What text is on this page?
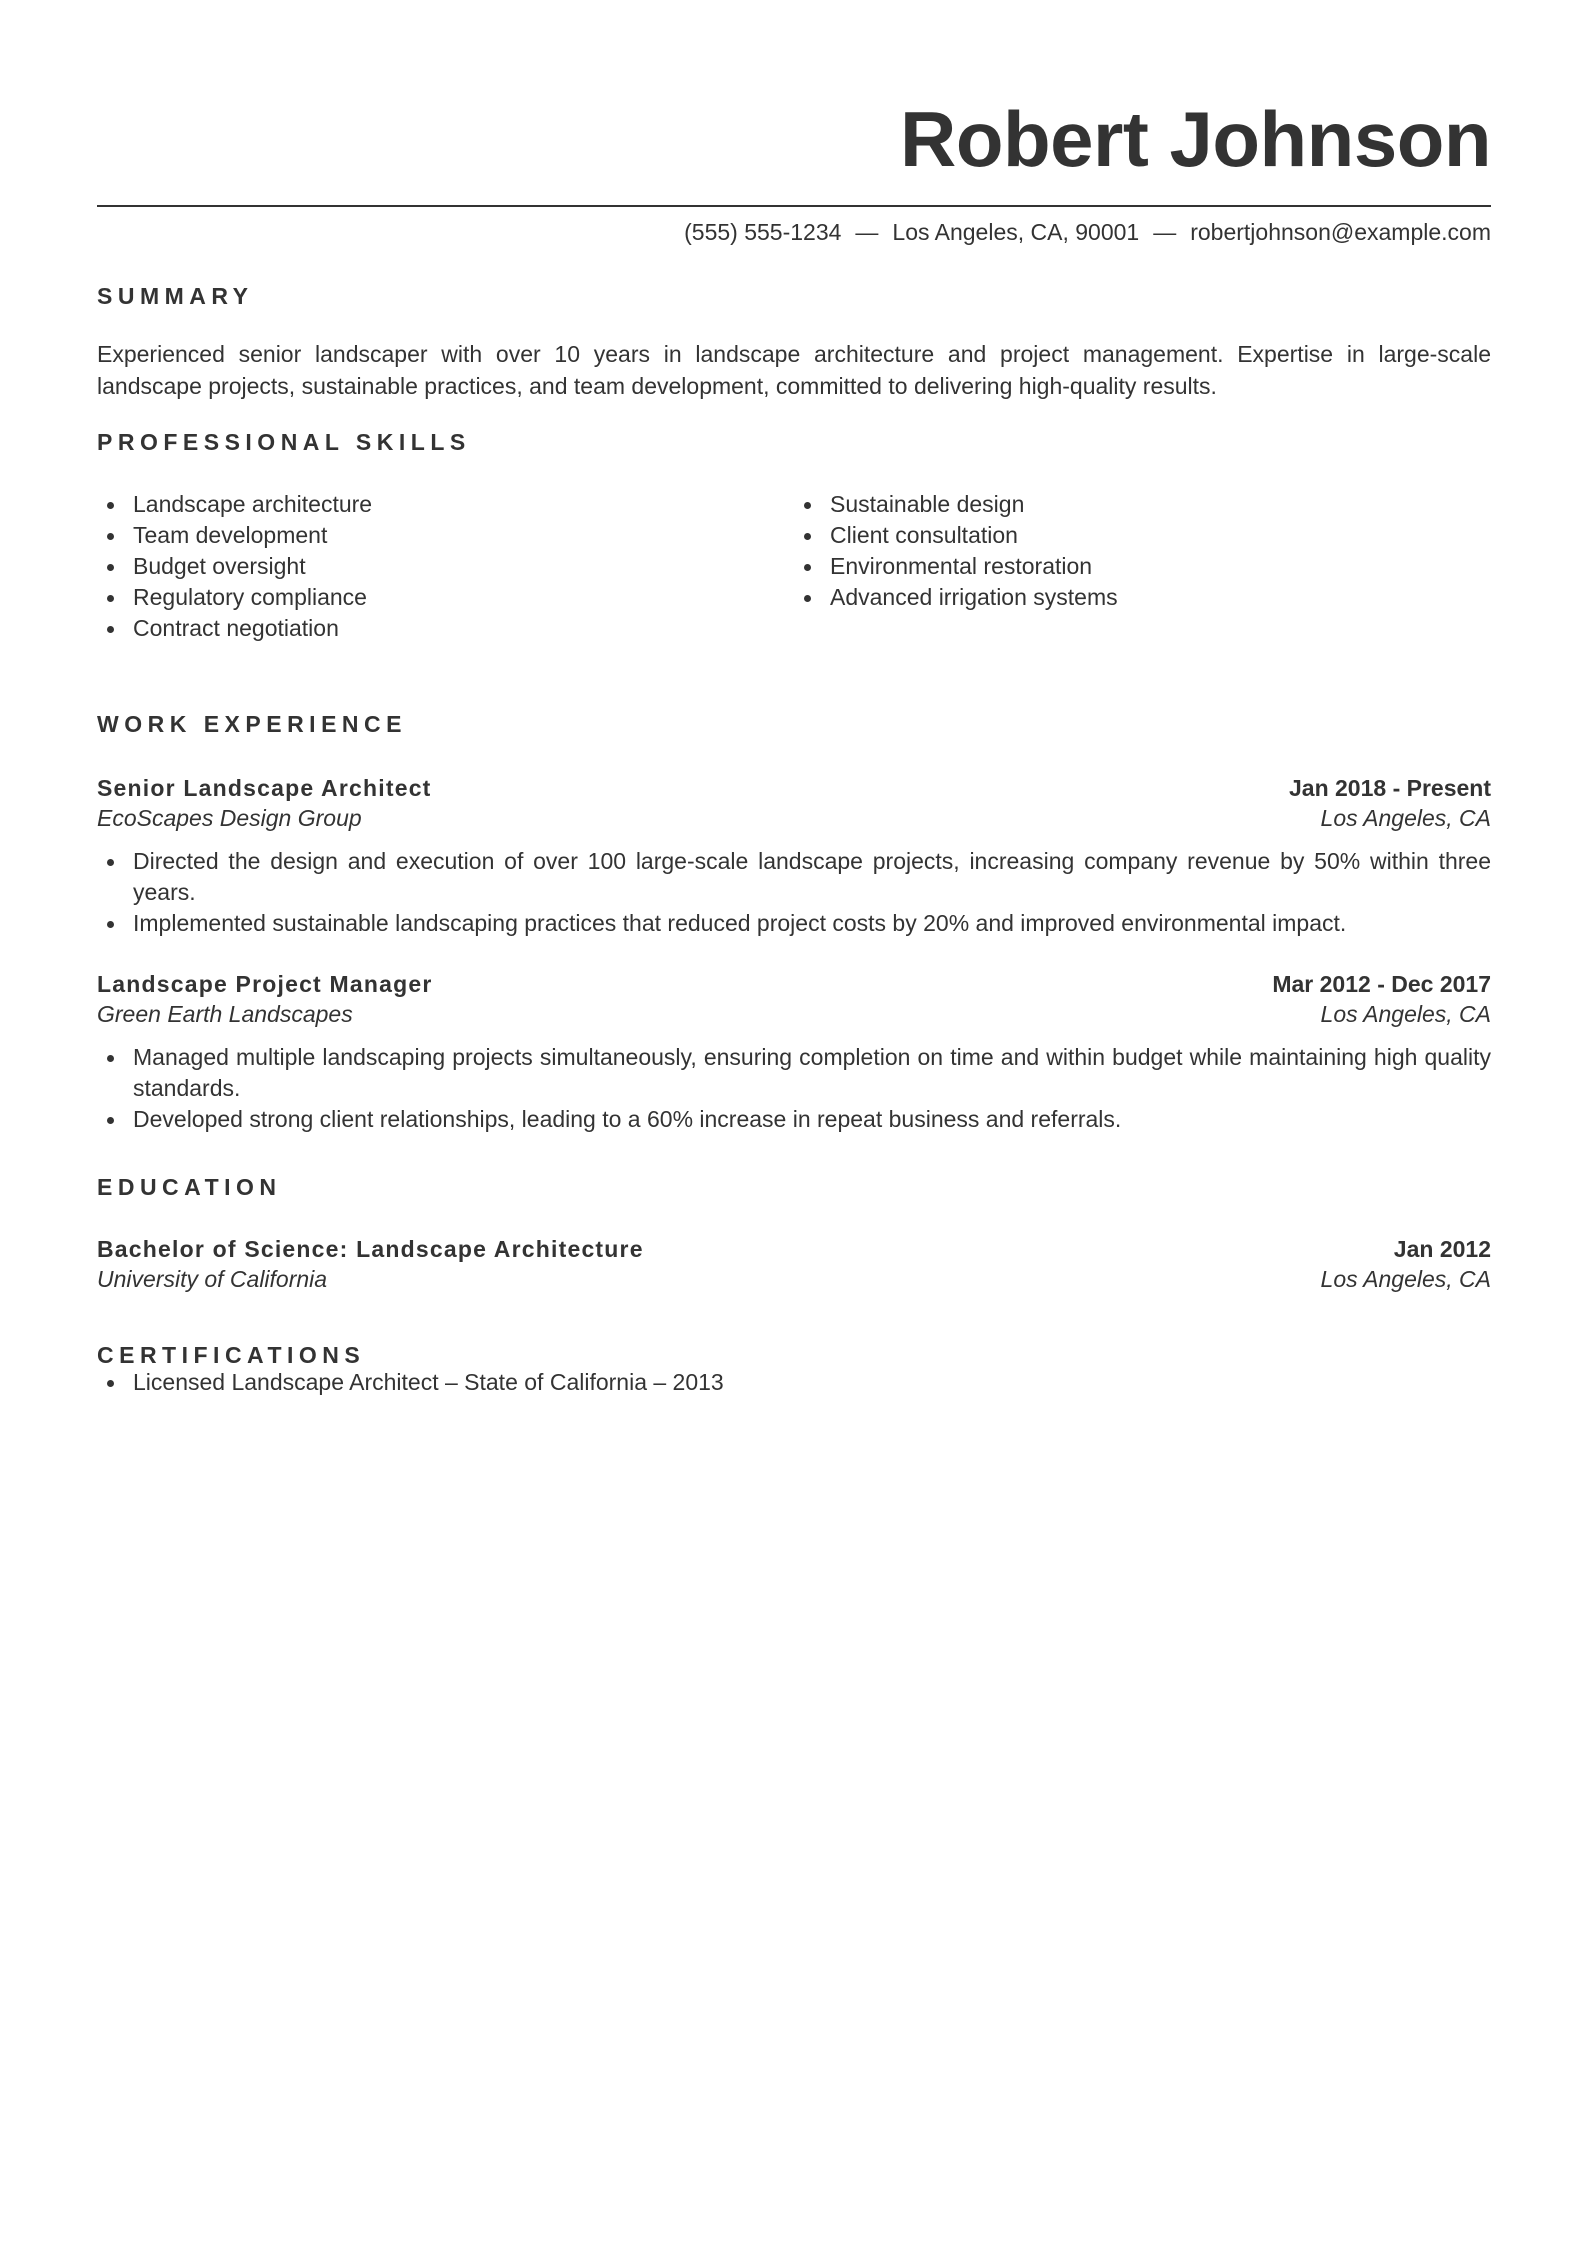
Robert Johnson
(555) 555-1234 — Los Angeles, CA, 90001 — robertjohnson@example.com
SUMMARY

Experienced senior landscaper with over 10 years in landscape architecture and project management. Expertise in large-scale landscape projects, sustainable practices, and team development, committed to delivering high-quality results.

PROFESSIONAL SKILLS
Landscape architecture
Team development
Budget oversight
Regulatory compliance
Contract negotiation
Sustainable design
Client consultation
Environmental restoration
Advanced irrigation systems
WORK EXPERIENCE
Senior Landscape Architect	Jan 2018 - Present
EcoScapes Design Group	Los Angeles, CA
Directed the design and execution of over 100 large-scale landscape projects, increasing company revenue by 50% within three years.
Implemented sustainable landscaping practices that reduced project costs by 20% and improved environmental impact.
Landscape Project Manager	Mar 2012 - Dec 2017
Green Earth Landscapes	Los Angeles, CA
Managed multiple landscaping projects simultaneously, ensuring completion on time and within budget while maintaining high quality standards.
Developed strong client relationships, leading to a 60% increase in repeat business and referrals.
EDUCATION
Bachelor of Science: Landscape Architecture	Jan 2012
University of California	Los Angeles, CA
CERTIFICATIONS
Licensed Landscape Architect – State of California – 2013
